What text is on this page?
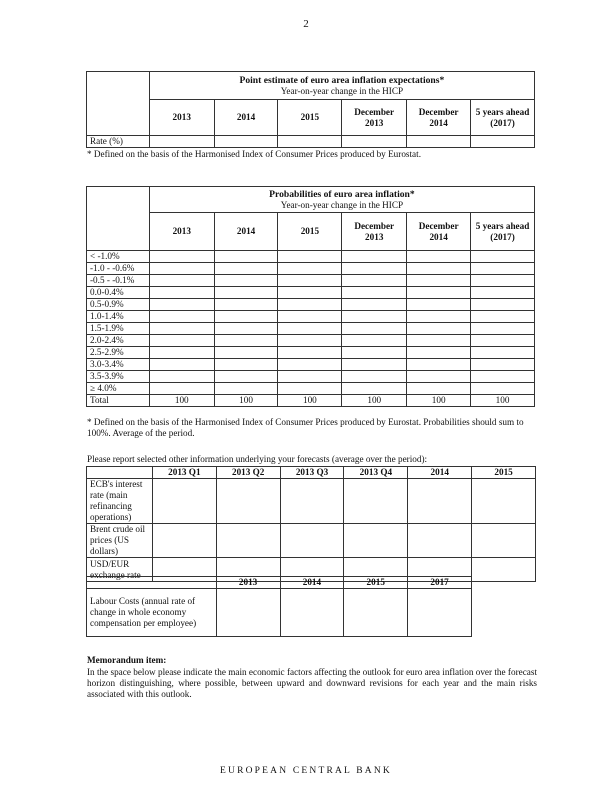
2

	Point estimate of euro area inflation expectations*
Year-on-year change in the HICP					

	2013	2014	2015	December 2013	December 2014	5 years ahead (2017)
Rate (%)						
* Defined on the basis of the Harmonised Index of Consumer Prices produced by Eurostat.

	Probabilities of euro area inflation*
Year-on-year change in the HICP					

	2013	2014	2015	December 2013	December 2014	5 years ahead (2017)
< -1.0%						
-1.0 - -0.6%						
-0.5 - -0.1%						
0.0-0.4%						
0.5-0.9%						
1.0-1.4%						
1.5-1.9%						
2.0-2.4%						
2.5-2.9%						
3.0-3.4%						
3.5-3.9%						
≥ 4.0%						
Total	100	100	100	100	100	100
* Defined on the basis of the Harmonised Index of Consumer Prices produced by Eurostat. Probabilities should sum to 100%. Average of the period.
Please report selected other information underlying your forecasts (average over the period):
	2013 Q1	2013 Q2	2013 Q3	2013 Q4	2014	2015
ECB's interest rate (main refinancing operations)						
Brent crude oil prices (US dollars)						
USD/EUR exchange rate						
	2013	2014	2015	2017
Labour Costs (annual rate of change in whole economy compensation per employee)				
Memorandum item:
In the space below please indicate the main economic factors affecting the outlook for euro area inflation over the forecast horizon distinguishing, where possible, between upward and downward revisions for each year and the main risks associated with this outlook.
EUROPEAN CENTRAL BANK
